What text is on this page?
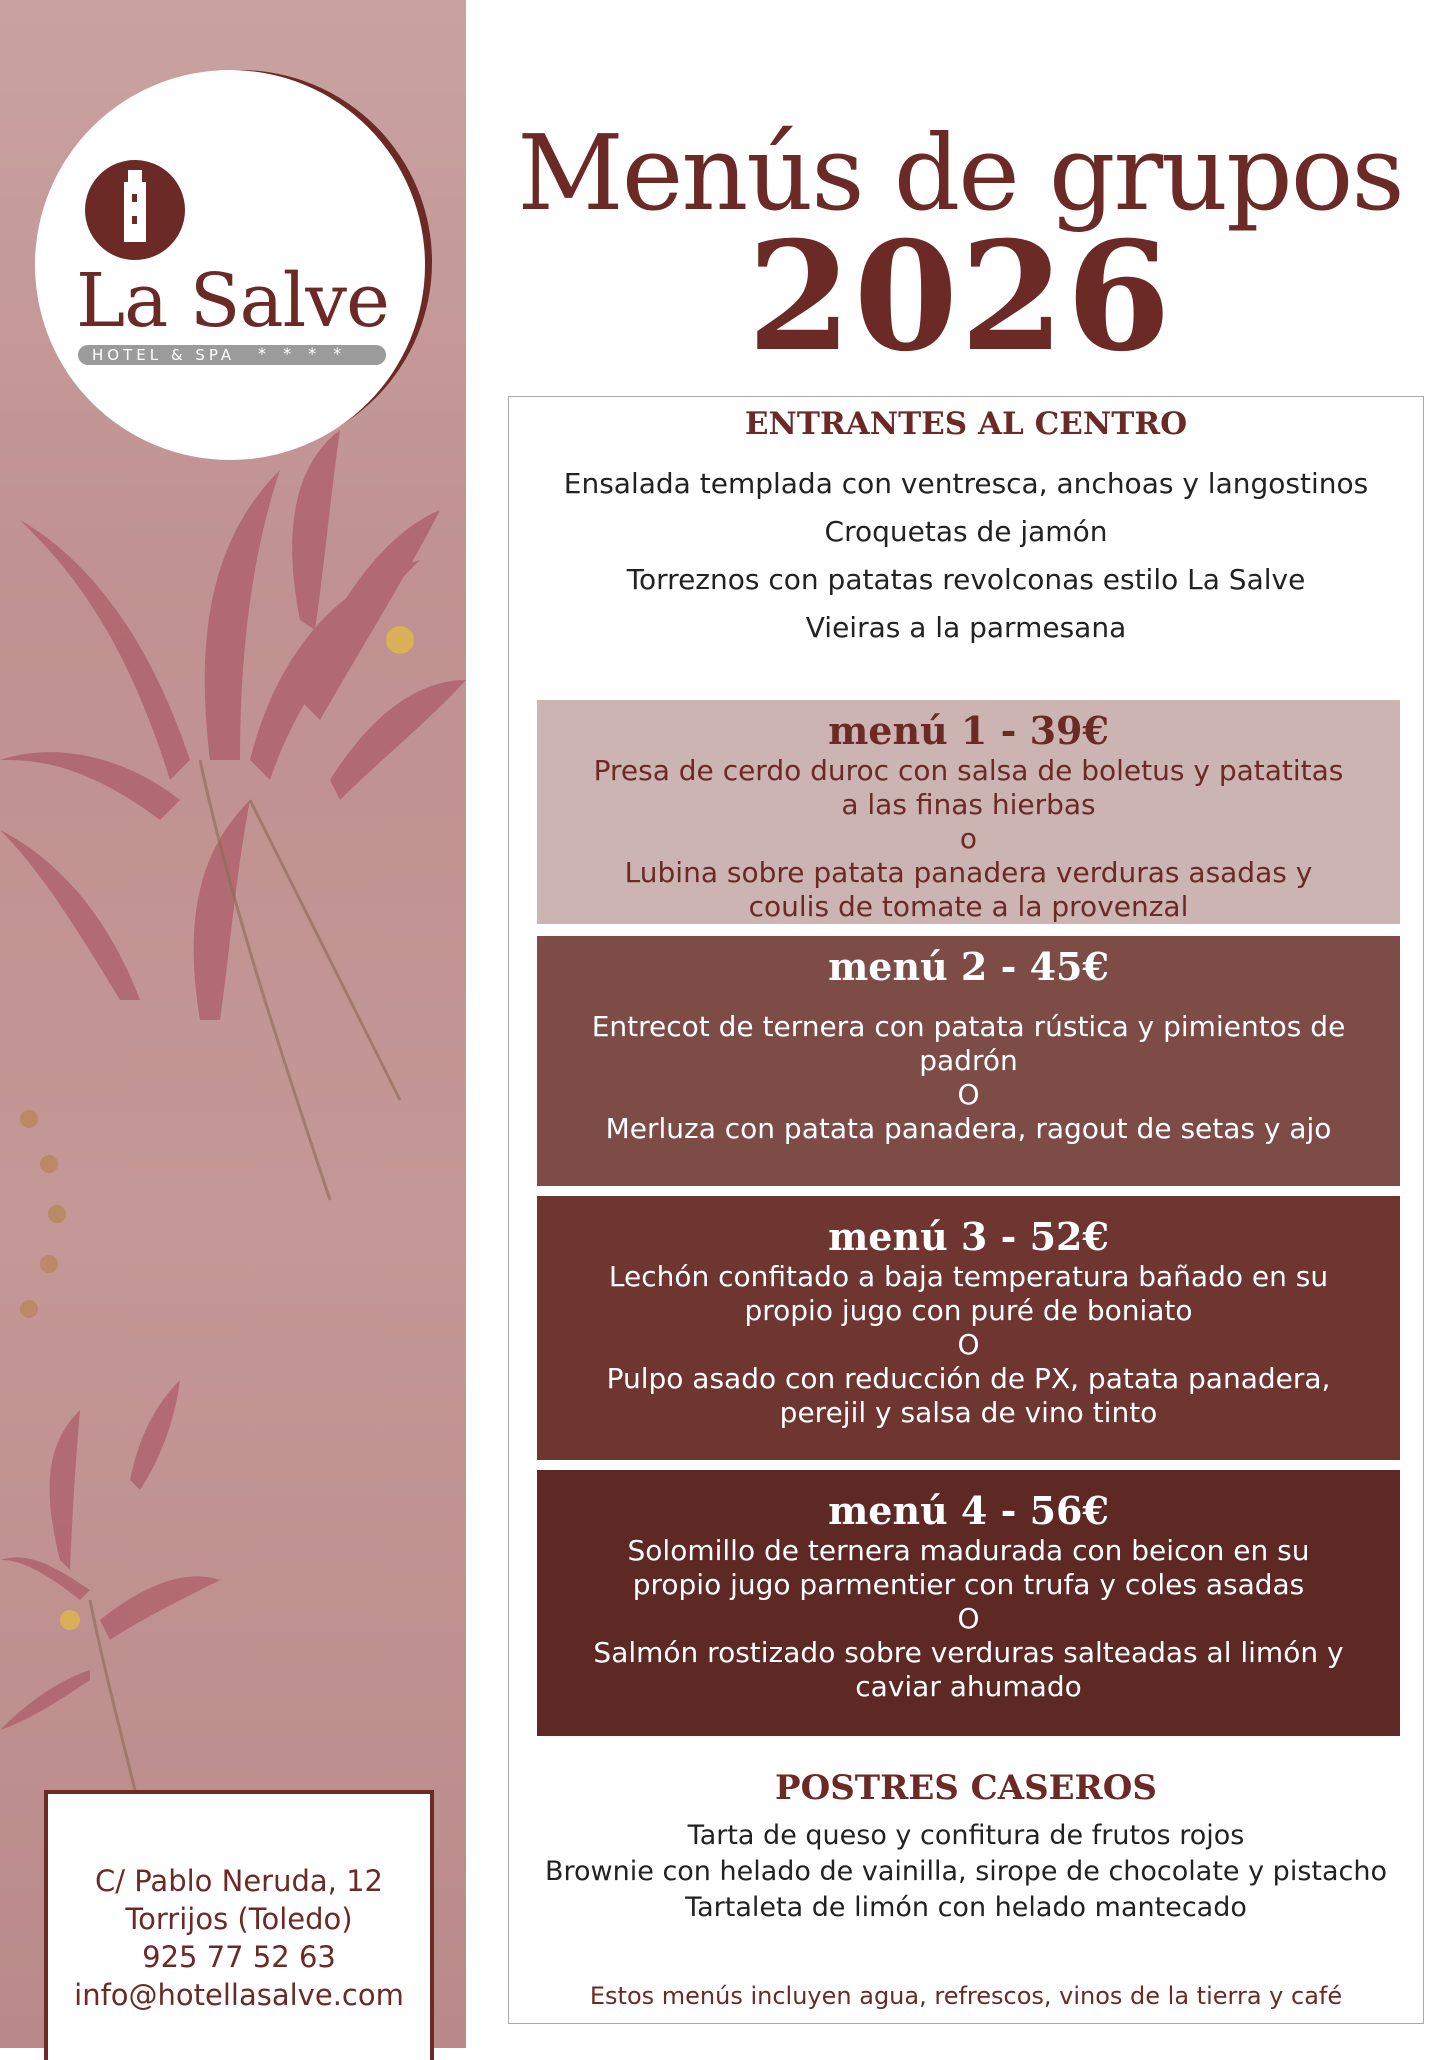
La Salve
HOTEL & SPA * * * *
C/ Pablo Neruda, 12
Torrijos (Toledo)
925 77 52 63
info@hotellasalve.com
Menús de grupos
2026
ENTRANTES AL CENTRO
Ensalada templada con ventresca, anchoas y langostinos
Croquetas de jamón
Torreznos con patatas revolconas estilo La Salve
Vieiras a la parmesana
menú 1 - 39€
Presa de cerdo duroc con salsa de boletus y patatitas
a las finas hierbas
o
Lubina sobre patata panadera verduras asadas y
coulis de tomate a la provenzal
menú 2 - 45€
Entrecot de ternera con patata rústica y pimientos de
padrón
O
Merluza con patata panadera, ragout de setas y ajo
menú 3 - 52€
Lechón confitado a baja temperatura bañado en su
propio jugo con puré de boniato
O
Pulpo asado con reducción de PX, patata panadera,
perejil y salsa de vino tinto
menú 4 - 56€
Solomillo de ternera madurada con beicon en su
propio jugo parmentier con trufa y coles asadas
O
Salmón rostizado sobre verduras salteadas al limón y
caviar ahumado
POSTRES CASEROS
Tarta de queso y confitura de frutos rojos
Brownie con helado de vainilla, sirope de chocolate y pistacho
Tartaleta de limón con helado mantecado
Estos menús incluyen agua, refrescos, vinos de la tierra y café
